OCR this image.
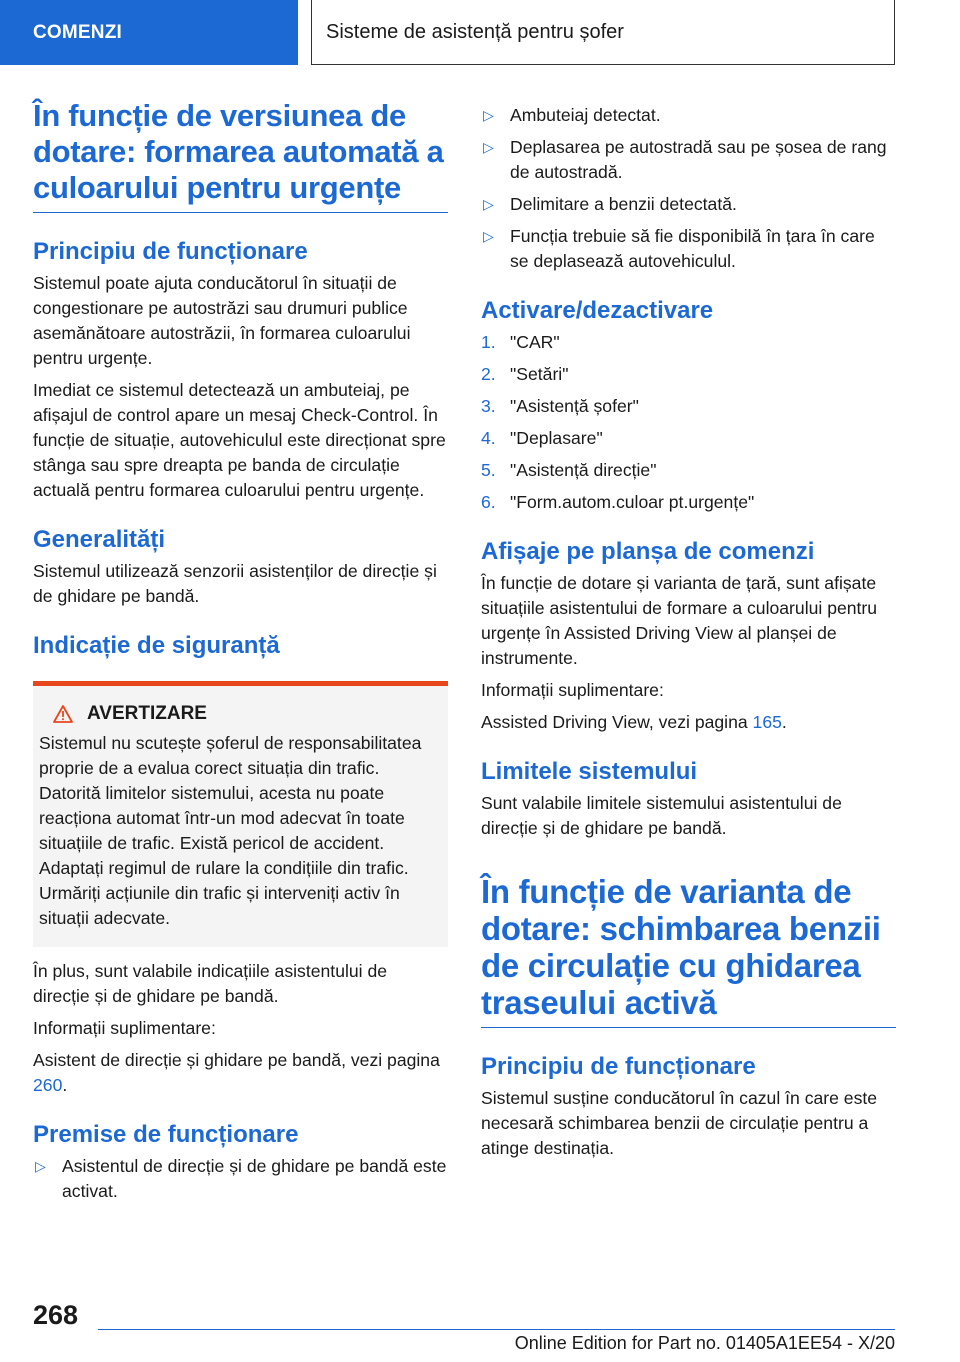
COMENZI	Sisteme de asistență pentru șofer
În funcție de versiunea de dotare: formarea automată a culoarului pentru urgențe
Principiu de funcționare

Sistemul poate ajuta conducătorul în situații de congestionare pe autostrăzi sau drumuri publice asemănătoare autostrăzii, în formarea culoarului pentru urgențe.

Imediat ce sistemul detectează un ambuteiaj, pe afișajul de control apare un mesaj Check-Control. În funcție de situație, autovehiculul este direcționat spre stânga sau spre dreapta pe banda de circulație actuală pentru formarea culoarului pentru urgențe.

Generalități

Sistemul utilizează senzorii asistenților de direcție și de ghidare pe bandă.

Indicație de siguranță
AVERTIZARE

Sistemul nu scutește șoferul de responsabilitatea proprie de a evalua corect situația din trafic. Datorită limitelor sistemului, acesta nu poate reacționa automat într-un mod adecvat în toate situațiile de trafic. Există pericol de accident. Adaptați regimul de rulare la condițiile din trafic. Urmăriți acțiunile din trafic și interveniți activ în situații adecvate.

În plus, sunt valabile indicațiile asistentului de direcție și de ghidare pe bandă.

Informații suplimentare:

Asistent de direcție și ghidare pe bandă, vezi pagina 260.

Premise de funcționare
▷ Asistentul de direcție și de ghidare pe bandă este activat.
▷ Ambuteiaj detectat.
▷ Deplasarea pe autostradă sau pe șosea de rang de autostradă.
▷ Delimitare a benzii detectată.
▷ Funcția trebuie să fie disponibilă în țara în care se deplasează autovehiculul.
Activare/dezactivare
1. "CAR"
2. "Setări"
3. "Asistență șofer"
4. "Deplasare"
5. "Asistență direcție"
6. "Form.autom.culoar pt.urgențe"
Afișaje pe planșa de comenzi

În funcție de dotare și varianta de țară, sunt afișate situațiile asistentului de formare a culoarului pentru urgențe în Assisted Driving View al planșei de instrumente.

Informații suplimentare:

Assisted Driving View, vezi pagina 165.

Limitele sistemului

Sunt valabile limitele sistemului asistentului de direcție și de ghidare pe bandă.

În funcție de varianta de dotare: schimbarea benzii de circulație cu ghidarea traseului activă
Principiu de funcționare

Sistemul susține conducătorul în cazul în care este necesară schimbarea benzii de circulație pentru a atinge destinația.

268
Online Edition for Part no. 01405A1EE54 - X/20
